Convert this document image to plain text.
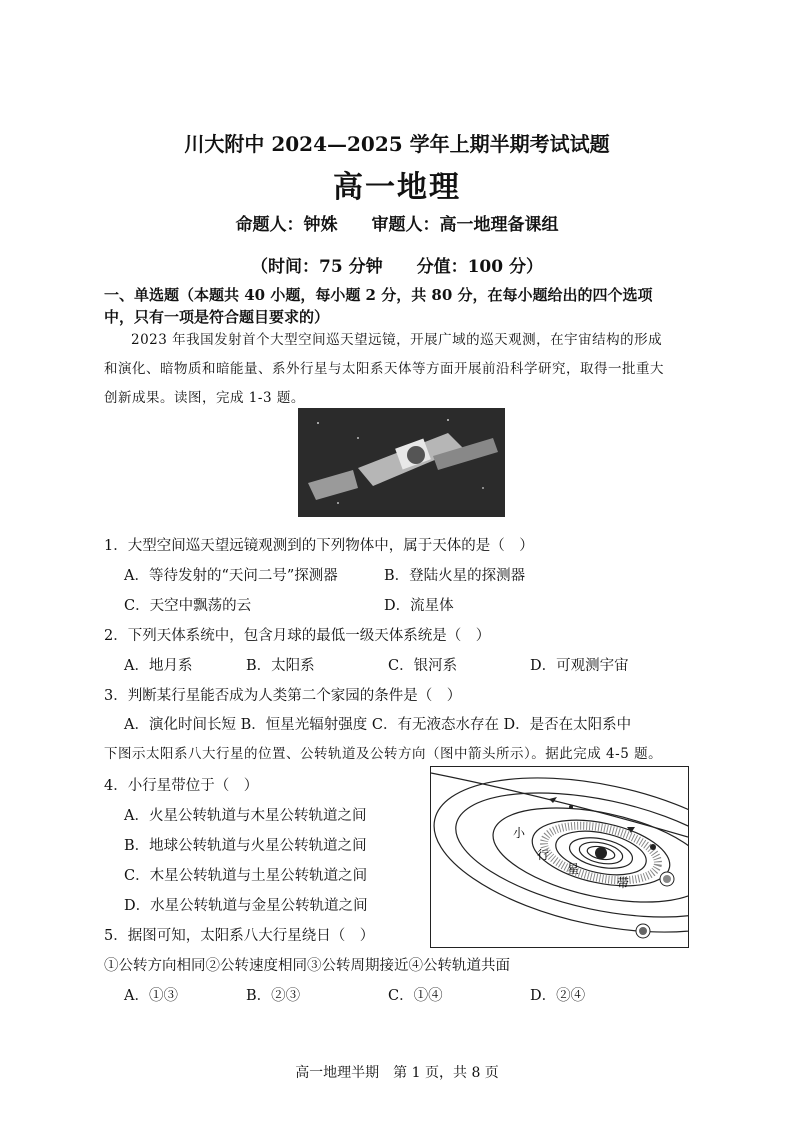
川大附中 2024—2025 学年上期半期考试试题
高一地理
命题人：钟姝　　审题人：高一地理备课组
（时间：75 分钟　　分值：100 分）
一、单选题（本题共 40 小题，每小题 2 分，共 80 分，在每小题给出的四个选项中，只有一项是符合题目要求的）
2023 年我国发射首个大型空间巡天望远镜，开展广域的巡天观测，在宇宙结构的形成和演化、暗物质和暗能量、系外行星与太阳系天体等方面开展前沿科学研究，取得一批重大创新成果。读图，完成 1-3 题。
1．大型空间巡天望远镜观测到的下列物体中，属于天体的是（　）
A．等待发射的“天问二号”探测器	B．登陆火星的探测器
C．天空中飘荡的云	D．流星体
2．下列天体系统中，包含月球的最低一级天体系统是（　）
A．地月系	B．太阳系	C．银河系	D．可观测宇宙
3．判断某行星能否成为人类第二个家园的条件是（　）
A．演化时间长短 B．恒星光辐射强度 C．有无液态水存在 D．是否在太阳系中
下图示太阳系八大行星的位置、公转轨道及公转方向（图中箭头所示）。据此完成 4-5 题。
4．小行星带位于（　）
A．火星公转轨道与木星公转轨道之间
B．地球公转轨道与火星公转轨道之间
C．木星公转轨道与土星公转轨道之间
D．水星公转轨道与金星公转轨道之间
小
行
星
带
5．据图可知，太阳系八大行星绕日（　）
①公转方向相同②公转速度相同③公转周期接近④公转轨道共面
A．①③	B．②③	C．①④	D．②④
高一地理半期　第 1 页，共 8 页
